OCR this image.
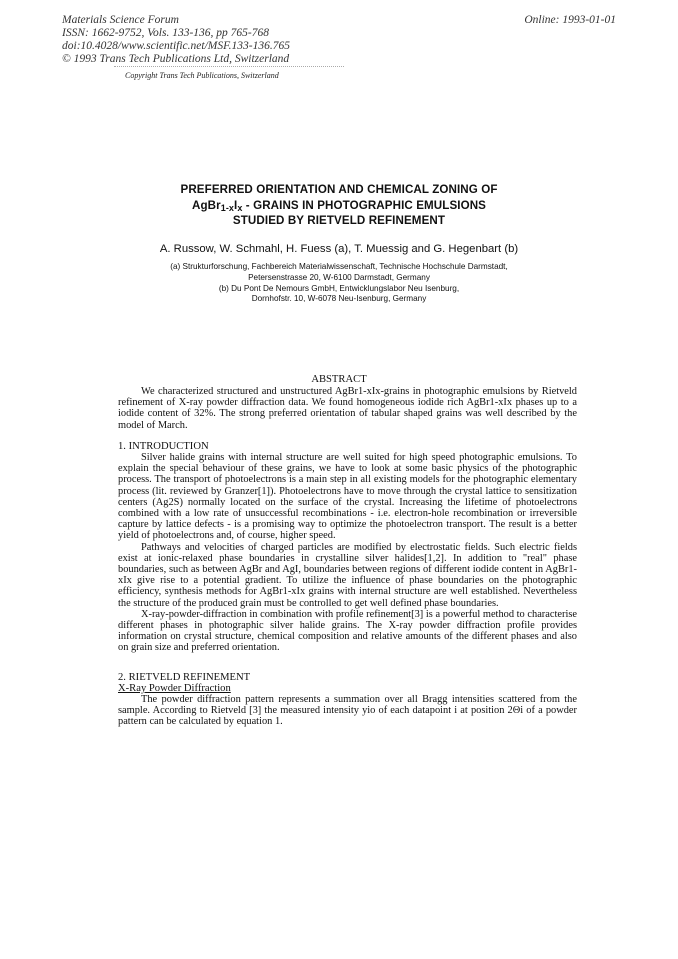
Materials Science Forum
ISSN: 1662-9752, Vols. 133-136, pp 765-768
doi:10.4028/www.scientific.net/MSF.133-136.765
© 1993 Trans Tech Publications Ltd, Switzerland
Online: 1993-01-01
Copyright Trans Tech Publications, Switzerland
PREFERRED ORIENTATION AND CHEMICAL ZONING OF
$AgBr_{1-x}I_x$ - GRAINS IN PHOTOGRAPHIC EMULSIONS
STUDIED BY RIETVELD REFINEMENT
A. Russow, W. Schmahl, H. Fuess (a), T. Muessig and G. Hegenbart (b)
(a) Strukturforschung, Fachbereich Materialwissenschaft, Technische Hochschule Darmstadt,
Petersenstrasse 20, W-6100 Darmstadt, Germany
(b) Du Pont De Nemours GmbH, Entwicklungslabor Neu Isenburg,
Dornhofstr. 10, W-6078 Neu-Isenburg, Germany
ABSTRACT

We characterized structured and unstructured AgBr1-xIx-grains in photographic emulsions by Rietveld refinement of X-ray powder diffraction data. We found homogeneous iodide rich AgBr1-xIx phases up to a iodide content of 32%. The strong preferred orientation of tabular shaped grains was well described by the model of March.

1. INTRODUCTION

Silver halide grains with internal structure are well suited for high speed photographic emulsions. To explain the special behaviour of these grains, we have to look at some basic physics of the photographic process. The transport of photoelectrons is a main step in all existing models for the photographic elementary process (lit. reviewed by Granzer[1]). Photoelectrons have to move through the crystal lattice to sensitization centers (Ag2S) normally located on the surface of the crystal. Increasing the lifetime of photoelectrons combined with a low rate of unsuccessful recombinations - i.e. electron-hole recombination or irreversible capture by lattice defects - is a promising way to optimize the photoelectron transport. The result is a better yield of photoelectrons and, of course, higher speed.

Pathways and velocities of charged particles are modified by electrostatic fields. Such electric fields exist at ionic-relaxed phase boundaries in crystalline silver halides[1,2]. In addition to "real" phase boundaries, such as between AgBr and AgI, boundaries between regions of different iodide content in AgBr1-xIx give rise to a potential gradient. To utilize the influence of phase boundaries on the photographic efficiency, synthesis methods for AgBr1-xIx grains with internal structure are well established. Nevertheless the structure of the produced grain must be controlled to get well defined phase boundaries.

X-ray-powder-diffraction in combination with profile refinement[3] is a powerful method to characterise different phases in photographic silver halide grains. The X-ray powder diffraction profile provides information on crystal structure, chemical composition and relative amounts of the different phases and also on grain size and preferred orientation.

2. RIETVELD REFINEMENT
X-Ray Powder Diffraction

The powder diffraction pattern represents a summation over all Bragg intensities scattered from the sample. According to Rietveld [3] the measured intensity yio of each datapoint i at position 2Θi of a powder pattern can be calculated by equation 1.
